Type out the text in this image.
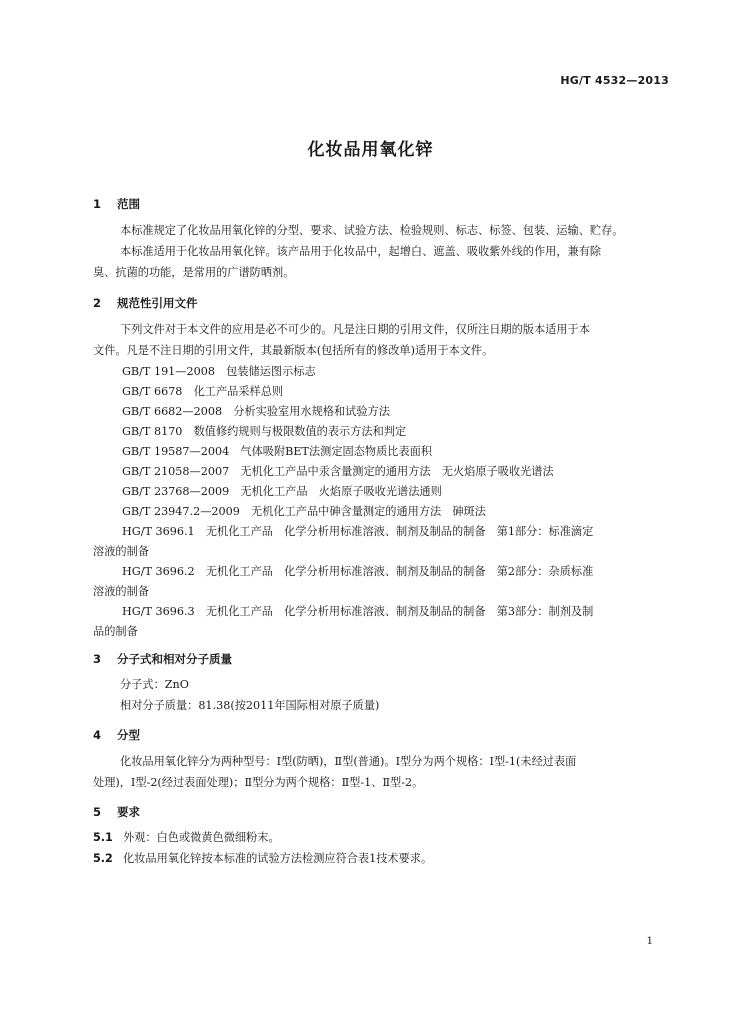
HG/T 4532—2013
化妆品用氧化锌
1 范围
本标准规定了化妆品用氧化锌的分型、要求、试验方法、检验规则、标志、标签、包装、运输、贮存。
本标准适用于化妆品用氧化锌。该产品用于化妆品中，起增白、遮盖、吸收紫外线的作用，兼有除
臭、抗菌的功能，是常用的广谱防晒剂。
2 规范性引用文件
下列文件对于本文件的应用是必不可少的。凡是注日期的引用文件，仅所注日期的版本适用于本
文件。凡是不注日期的引用文件，其最新版本(包括所有的修改单)适用于本文件。
GB/T 191—2008　包装储运图示标志
GB/T 6678　化工产品采样总则
GB/T 6682—2008　分析实验室用水规格和试验方法
GB/T 8170　数值修约规则与极限数值的表示方法和判定
GB/T 19587—2004　气体吸附BET法测定固态物质比表面积
GB/T 21058—2007　无机化工产品中汞含量测定的通用方法　无火焰原子吸收光谱法
GB/T 23768—2009　无机化工产品　火焰原子吸收光谱法通则
GB/T 23947.2—2009　无机化工产品中砷含量测定的通用方法　砷斑法
HG/T 3696.1　无机化工产品　化学分析用标准溶液、制剂及制品的制备　第1部分：标准滴定
溶液的制备
HG/T 3696.2　无机化工产品　化学分析用标准溶液、制剂及制品的制备　第2部分：杂质标准
溶液的制备
HG/T 3696.3　无机化工产品　化学分析用标准溶液、制剂及制品的制备　第3部分：制剂及制
品的制备
3 分子式和相对分子质量
分子式：ZnO
相对分子质量：81.38(按2011年国际相对原子质量)
4 分型
化妆品用氧化锌分为两种型号：Ⅰ型(防晒)，Ⅱ型(普通)。Ⅰ型分为两个规格：Ⅰ型-1(未经过表面
处理)，Ⅰ型-2(经过表面处理)；Ⅱ型分为两个规格：Ⅱ型-1、Ⅱ型-2。
5 要求
5.1 外观：白色或微黄色微细粉末。
5.2 化妆品用氧化锌按本标准的试验方法检测应符合表1技术要求。
1
